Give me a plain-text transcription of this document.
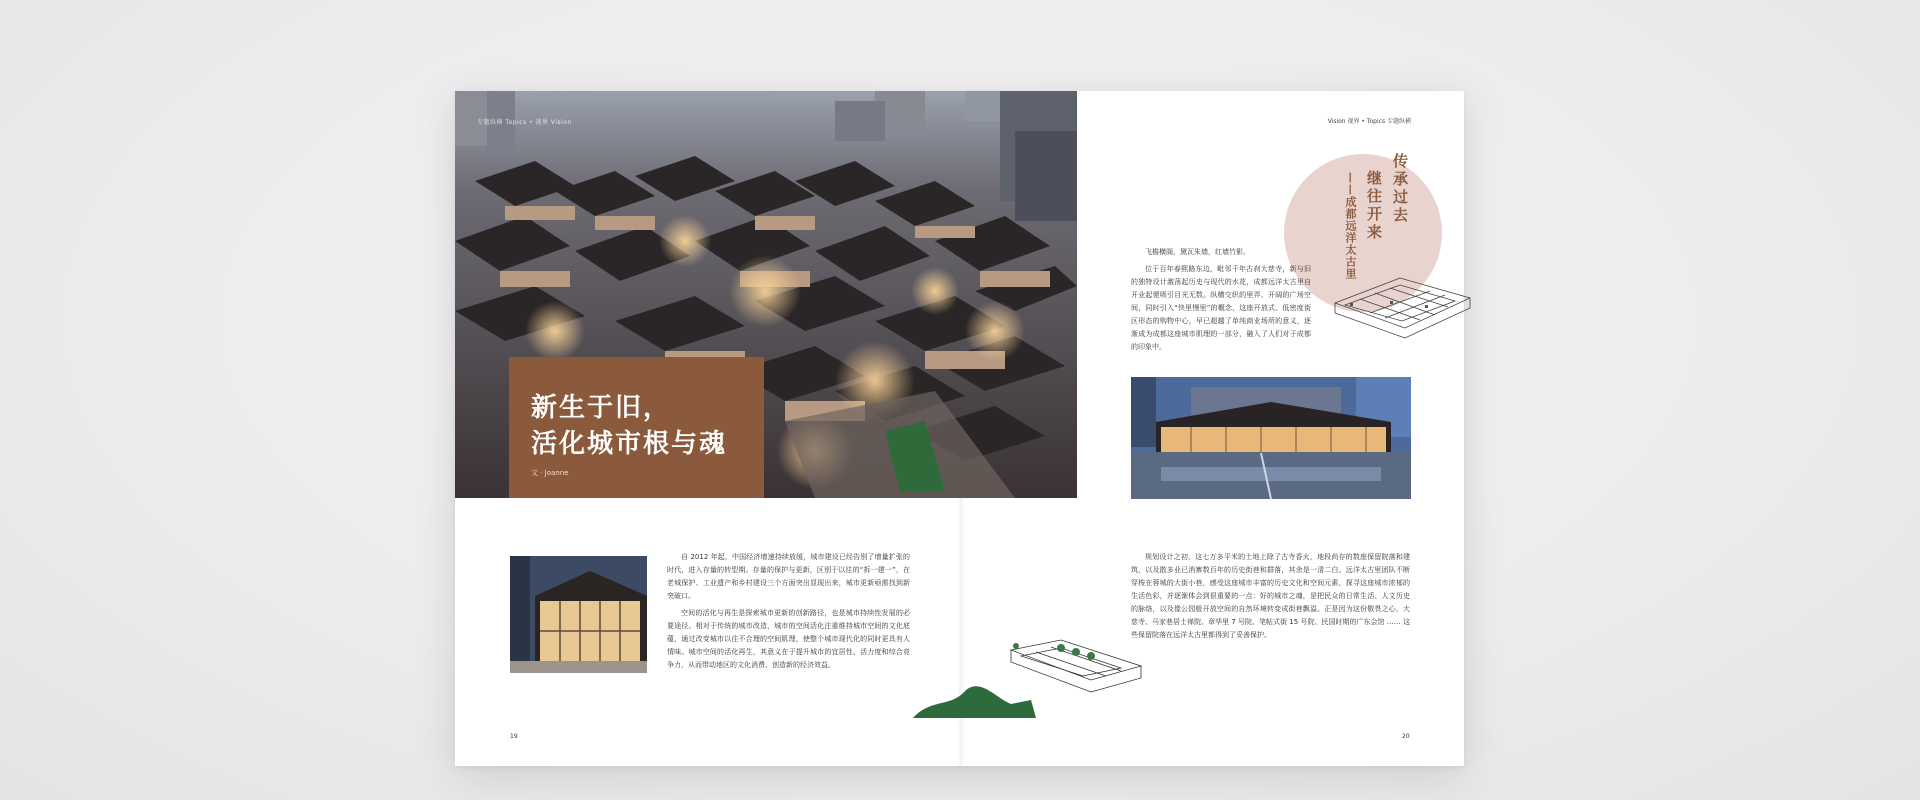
专题纵横 Topics • 视界 Vision
新生于旧，
活化城市根与魂
文 · Joanne

自 2012 年起，中国经济增速持续放缓，城市建设已经告别了增量扩张的时代，进入存量的转型期。存量的保护与更新，区别于以往的“拆一建一”，在老城保护、工业遗产和乡村建设三个方面突出显现出来，城市更新亟需找到新突破口。

空间的活化与再生是探索城市更新的创新路径，也是城市持续性发展的必要途径。相对于传统的城市改造，城市的空间活化注重维持城市空间的文化底蕴，通过改变城市以往不合理的空间肌理，使整个城市现代化的同时更具有人情味。城市空间的活化再生，其意义在于提升城市的宜居性、活力度和综合竞争力，从而带动地区的文化消费、创造新的经济效益。

19
Vision 视界 • Topics 专题纵横
传承过去
继往开来
——成都远洋太古里

飞檐横阁，黛瓦朱墙，红墙竹影。

位于百年春熙路东边，毗邻千年古刹大慈寺，新与旧的独特设计激荡起历史与现代的水花，成都远洋太古里自开业起便吸引目光无数。纵横交织的里弄、开阔的广场空间，同时引入“快里慢里”的概念，这座开放式、低密度街区形态的购物中心，早已超越了单纯商业场所的意义，逐渐成为成都这座城市肌理的一部分，融入了人们对于成都的印象中。

规划设计之初，这七万多平米的土地上除了古寺香火，地段尚存的数座保留院落和建筑，以及散多业已消寨数百年的历史街巷和群落，其余是一清二白。远洋太古里团队不断穿梭在蓉城的大街小巷，感受这座城市丰富的历史文化和空间元素，探寻这座城市浓郁的生活色彩，并逐渐体会到很重要的一点：好的城市之魂，是把民众的日常生活、人文历史的脉络，以及像公园般开放空间的自然环境转变成街巷飘溢。正是因为这份敬畏之心，大慈寺、马家巷居士禅院、章华里 7 号院、笔帖式街 15 号院、民国时期的广东会馆 …… 这些保留院落在远洋太古里都得到了妥善保护。

20
